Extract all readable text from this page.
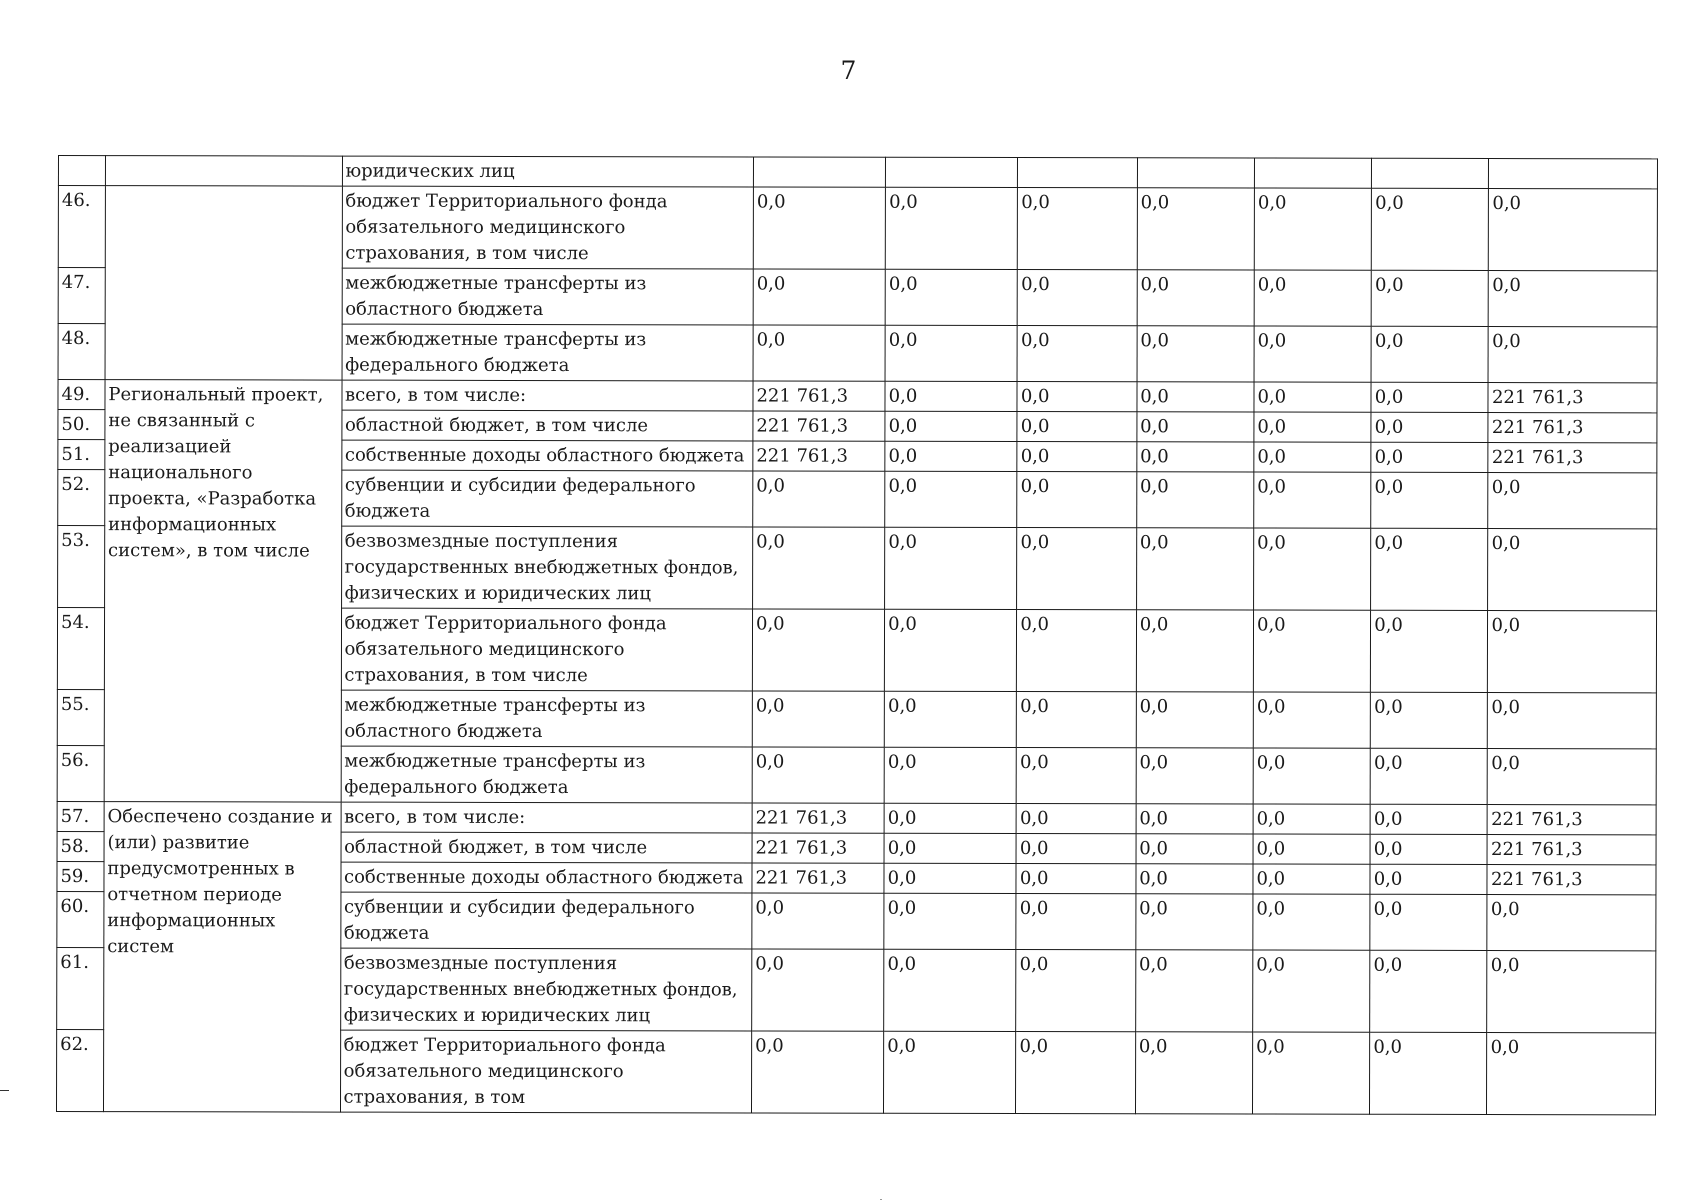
7
		юридических лиц							
46.		бюджет Территориального фонда обязательного медицинского страхования, в том числе	0,0	0,0	0,0	0,0	0,0	0,0	0,0
47.		межбюджетные трансферты из областного бюджета	0,0	0,0	0,0	0,0	0,0	0,0	0,0
48.		межбюджетные трансферты из федерального бюджета	0,0	0,0	0,0	0,0	0,0	0,0	0,0
49.	Региональный проект, не связанный с реализацией национального проекта, «Разработка информационных систем», в том числе	всего, в том числе:	221 761,3	0,0	0,0	0,0	0,0	0,0	221 761,3
50.		областной бюджет, в том числе	221 761,3	0,0	0,0	0,0	0,0	0,0	221 761,3
51.		собственные доходы областного бюджета	221 761,3	0,0	0,0	0,0	0,0	0,0	221 761,3
52.		субвенции и субсидии федерального бюджета	0,0	0,0	0,0	0,0	0,0	0,0	0,0
53.		безвозмездные поступления государственных внебюджетных фондов, физических и юридических лиц	0,0	0,0	0,0	0,0	0,0	0,0	0,0
54.		бюджет Территориального фонда обязательного медицинского страхования, в том числе	0,0	0,0	0,0	0,0	0,0	0,0	0,0
55.		межбюджетные трансферты из областного бюджета	0,0	0,0	0,0	0,0	0,0	0,0	0,0
56.		межбюджетные трансферты из федерального бюджета	0,0	0,0	0,0	0,0	0,0	0,0	0,0
57.	Обеспечено создание и (или) развитие предусмотренных в отчетном периоде информационных систем	всего, в том числе:	221 761,3	0,0	0,0	0,0	0,0	0,0	221 761,3
58.		областной бюджет, в том числе	221 761,3	0,0	0,0	0,0	0,0	0,0	221 761,3
59.		собственные доходы областного бюджета	221 761,3	0,0	0,0	0,0	0,0	0,0	221 761,3
60.		субвенции и субсидии федерального бюджета	0,0	0,0	0,0	0,0	0,0	0,0	0,0
61.		безвозмездные поступления государственных внебюджетных фондов, физических и юридических лиц	0,0	0,0	0,0	0,0	0,0	0,0	0,0
62.		бюджет Территориального фонда обязательного медицинского страхования, в том	0,0	0,0	0,0	0,0	0,0	0,0	0,0
